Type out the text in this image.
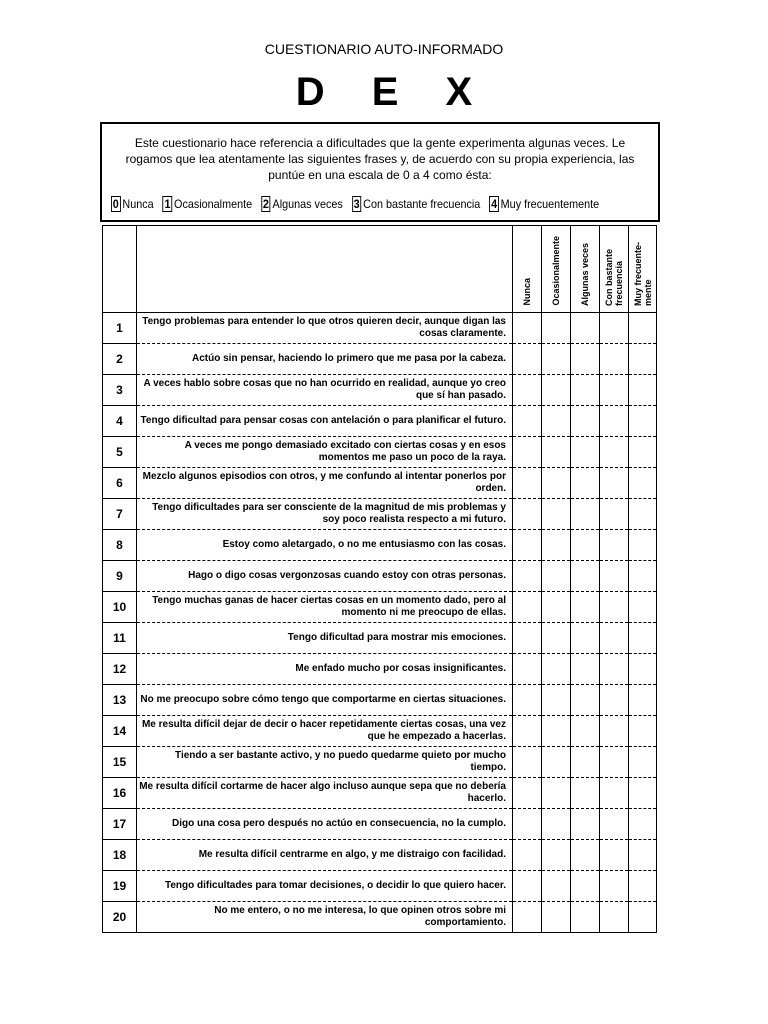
CUESTIONARIO AUTO-INFORMADO
D E X
Este cuestionario hace referencia a dificultades que la gente experimenta algunas veces. Le rogamos que lea atentamente las siguientes frases y, de acuerdo con su propia experiencia, las puntúe en una escala de 0 a 4 como ésta:
0 Nunca 1 Ocasionalmente 2 Algunas veces 3 Con bastante frecuencia 4 Muy frecuentemente

		Nunca	Ocasionalmente	Algunas veces	Con bastante frecuencia	Muy frecuente-mente

1	Tengo problemas para entender lo que otros quieren decir, aunque digan las cosas claramente.					
2	Actúo sin pensar, haciendo lo primero que me pasa por la cabeza.					
3	A veces hablo sobre cosas que no han ocurrido en realidad, aunque yo creo que sí han pasado.					
4	Tengo dificultad para pensar cosas con antelación o para planificar el futuro.					
5	A veces me pongo demasiado excitado con ciertas cosas y en esos momentos me paso un poco de la raya.					
6	Mezclo algunos episodios con otros, y me confundo al intentar ponerlos por orden.					
7	Tengo dificultades para ser consciente de la magnitud de mis problemas y soy poco realista respecto a mi futuro.					
8	Estoy como aletargado, o no me entusiasmo con las cosas.					
9	Hago o digo cosas vergonzosas cuando estoy con otras personas.					
10	Tengo muchas ganas de hacer ciertas cosas en un momento dado, pero al momento ni me preocupo de ellas.					
11	Tengo dificultad para mostrar mis emociones.					
12	Me enfado mucho por cosas insignificantes.					
13	No me preocupo sobre cómo tengo que comportarme en ciertas situaciones.					
14	Me resulta difícil dejar de decir o hacer repetidamente ciertas cosas, una vez que he empezado a hacerlas.					
15	Tiendo a ser bastante activo, y no puedo quedarme quieto por mucho tiempo.					
16	Me resulta difícil cortarme de hacer algo incluso aunque sepa que no debería hacerlo.					
17	Digo una cosa pero después no actúo en consecuencia, no la cumplo.					
18	Me resulta difícil centrarme en algo, y me distraigo con facilidad.					
19	Tengo dificultades para tomar decisiones, o decidir lo que quiero hacer.					
20	No me entero, o no me interesa, lo que opinen otros sobre mi comportamiento.					
